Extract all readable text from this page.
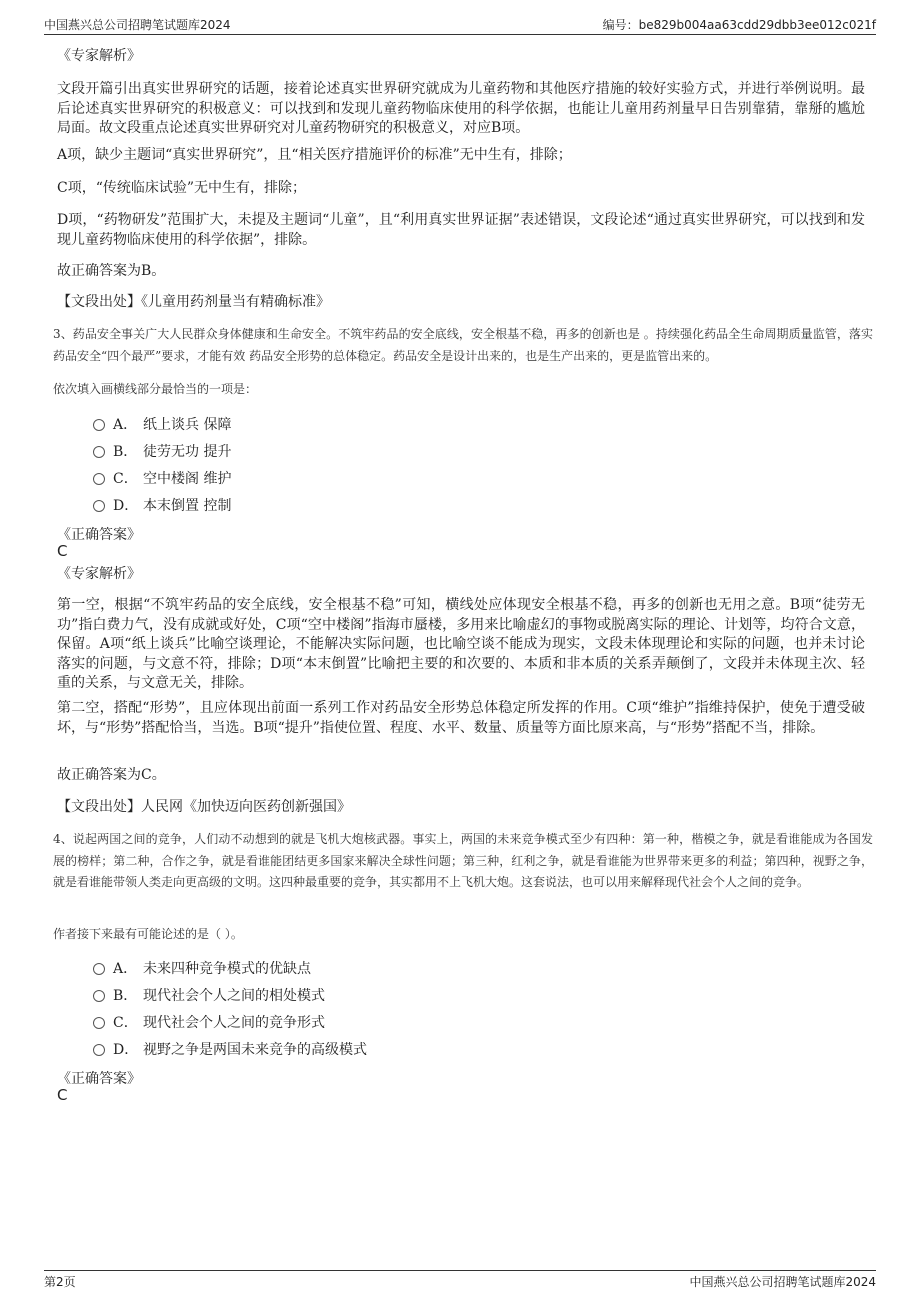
中国燕兴总公司招聘笔试题库2024	编号：be829b004aa63cdd29dbb3ee012c021f
《专家解析》
文段开篇引出真实世界研究的话题，接着论述真实世界研究就成为儿童药物和其他医疗措施的较好实验方式，并进行举例说明。最后论述真实世界研究的积极意义：可以找到和发现儿童药物临床使用的科学依据，也能让儿童用药剂量早日告别靠猜，靠掰的尴尬局面。故文段重点论述真实世界研究对儿童药物研究的积极意义，对应B项。
A项，缺少主题词“真实世界研究”，且“相关医疗措施评价的标准”无中生有，排除；
C项，“传统临床试验”无中生有，排除；
D项，“药物研发”范围扩大，未提及主题词“儿童”，且“利用真实世界证据”表述错误，文段论述“通过真实世界研究，可以找到和发现儿童药物临床使用的科学依据”，排除。
故正确答案为B。
【文段出处】《儿童用药剂量当有精确标准》
3、药品安全事关广大人民群众身体健康和生命安全。不筑牢药品的安全底线，安全根基不稳，再多的创新也是 。持续强化药品全生命周期质量监管，落实药品安全“四个最严”要求，才能有效 药品安全形势的总体稳定。药品安全是设计出来的，也是生产出来的，更是监管出来的。
依次填入画横线部分最恰当的一项是：
A． 纸上谈兵 保障
B． 徒劳无功 提升
C． 空中楼阁 维护
D． 本末倒置 控制
《正确答案》
C
《专家解析》
第一空，根据“不筑牢药品的安全底线，安全根基不稳”可知，横线处应体现安全根基不稳，再多的创新也无用之意。B项“徒劳无功”指白费力气，没有成就或好处，C项“空中楼阁”指海市蜃楼，多用来比喻虚幻的事物或脱离实际的理论、计划等，均符合文意，保留。A项“纸上谈兵”比喻空谈理论，不能解决实际问题，也比喻空谈不能成为现实，文段未体现理论和实际的问题，也并未讨论落实的问题，与文意不符，排除；D项“本末倒置”比喻把主要的和次要的、本质和非本质的关系弄颠倒了，文段并未体现主次、轻重的关系，与文意无关，排除。
第二空，搭配“形势”，且应体现出前面一系列工作对药品安全形势总体稳定所发挥的作用。C项“维护”指维持保护，使免于遭受破坏，与“形势”搭配恰当，当选。B项“提升”指使位置、程度、水平、数量、质量等方面比原来高，与“形势”搭配不当，排除。
故正确答案为C。
【文段出处】人民网《加快迈向医药创新强国》
4、说起两国之间的竞争，人们动不动想到的就是飞机大炮核武器。事实上，两国的未来竞争模式至少有四种：第一种，楷模之争，就是看谁能成为各国发展的榜样；第二种，合作之争，就是看谁能团结更多国家来解决全球性问题；第三种，红利之争，就是看谁能为世界带来更多的利益；第四种，视野之争，就是看谁能带领人类走向更高级的文明。这四种最重要的竞争，其实都用不上飞机大炮。这套说法，也可以用来解释现代社会个人之间的竞争。
作者接下来最有可能论述的是（ ）。
A． 未来四种竞争模式的优缺点
B． 现代社会个人之间的相处模式
C． 现代社会个人之间的竞争形式
D． 视野之争是两国未来竞争的高级模式
《正确答案》
C
第2页	中国燕兴总公司招聘笔试题库2024
